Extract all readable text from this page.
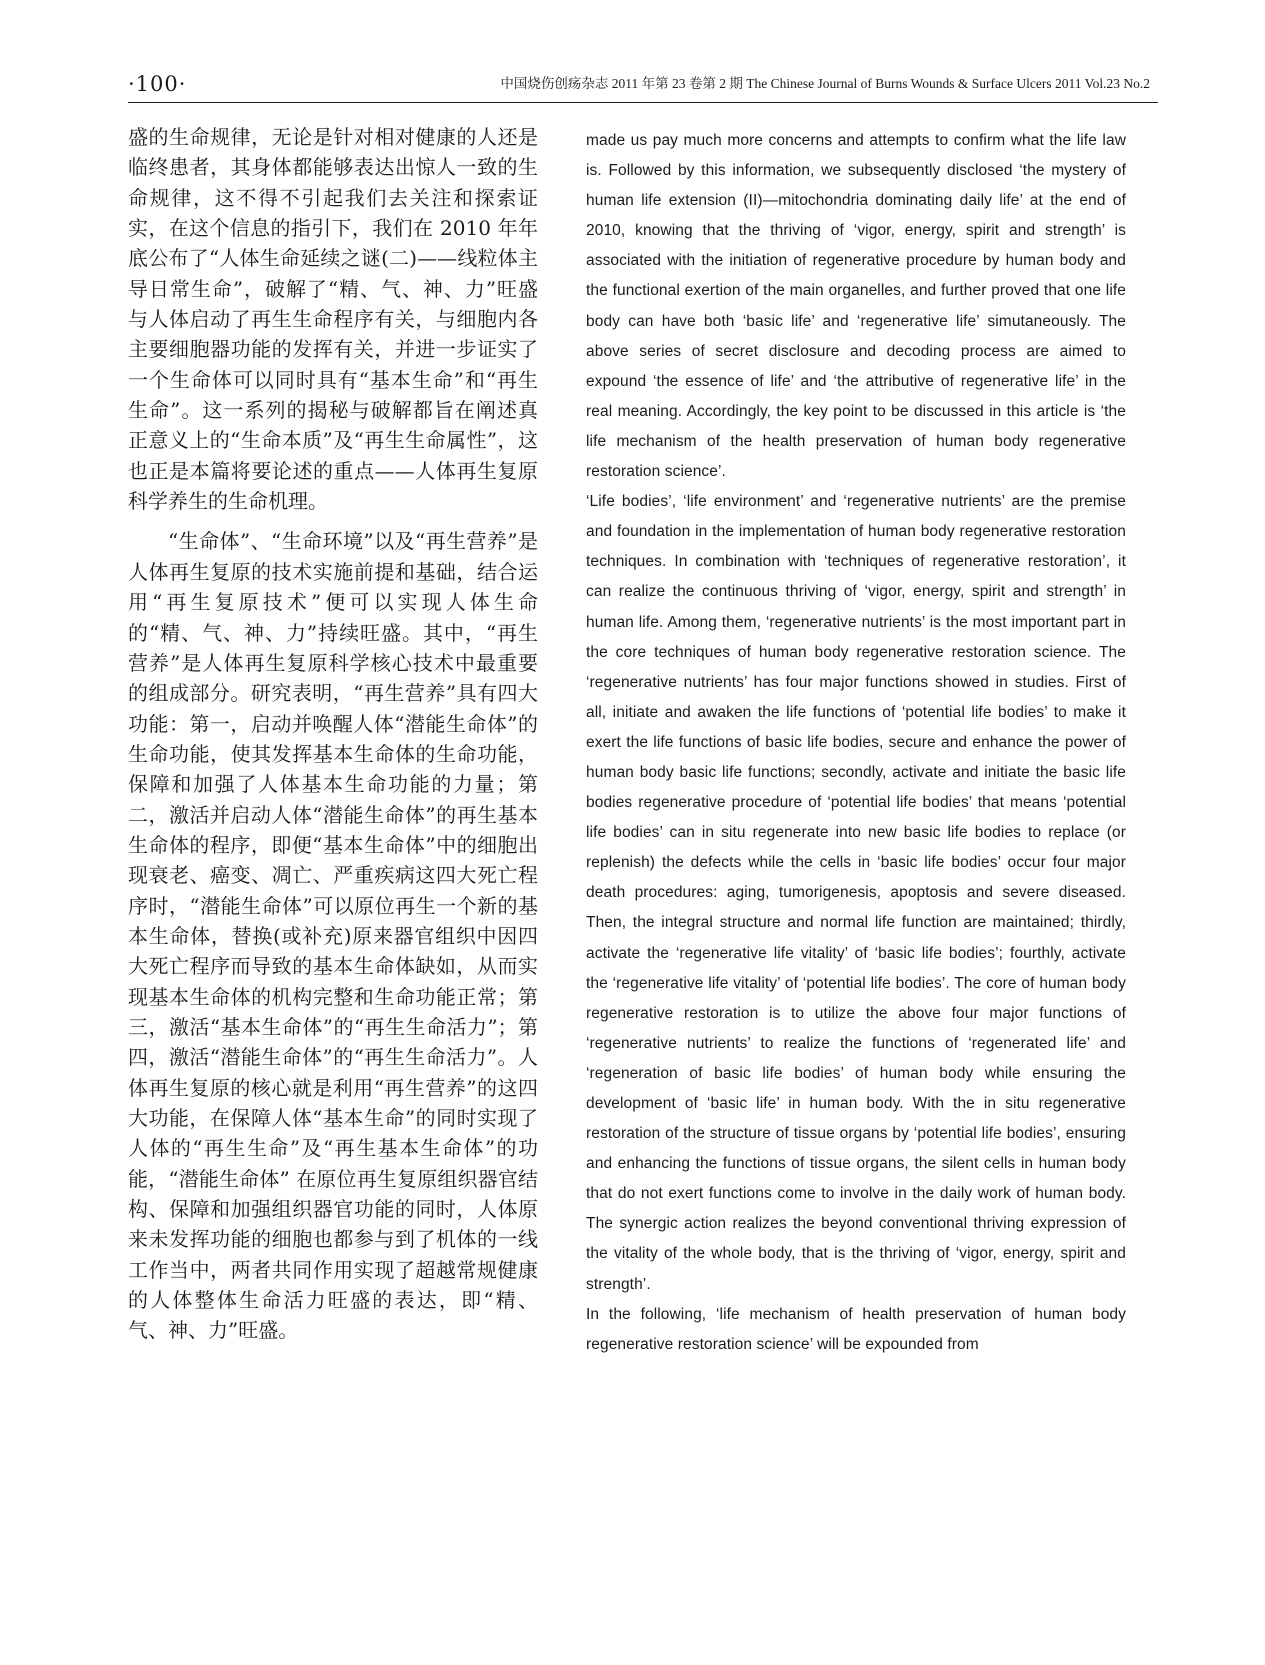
·100·	中国烧伤创疡杂志 2011 年第 23 卷第 2 期 The Chinese Journal of Burns Wounds & Surface Ulcers 2011 Vol.23 No.2

盛的生命规律，无论是针对相对健康的人还是临终患者，其身体都能够表达出惊人一致的生命规律，这不得不引起我们去关注和探索证实，在这个信息的指引下，我们在 2010 年年底公布了“人体生命延续之谜(二)——线粒体主导日常生命”，破解了“精、气、神、力”旺盛与人体启动了再生生命程序有关，与细胞内各主要细胞器功能的发挥有关，并进一步证实了一个生命体可以同时具有“基本生命”和“再生生命”。这一系列的揭秘与破解都旨在阐述真正意义上的“生命本质”及“再生生命属性”，这也正是本篇将要论述的重点——人体再生复原科学养生的生命机理。

“生命体”、“生命环境”以及“再生营养”是人体再生复原的技术实施前提和基础，结合运用“再生复原技术”便可以实现人体生命的“精、气、神、力”持续旺盛。其中，“再生营养”是人体再生复原科学核心技术中最重要的组成部分。研究表明，“再生营养”具有四大功能：第一，启动并唤醒人体“潜能生命体”的生命功能，使其发挥基本生命体的生命功能，保障和加强了人体基本生命功能的力量；第二，激活并启动人体“潜能生命体”的再生基本生命体的程序，即便“基本生命体”中的细胞出现衰老、癌变、凋亡、严重疾病这四大死亡程序时，“潜能生命体”可以原位再生一个新的基本生命体，替换(或补充)原来器官组织中因四大死亡程序而导致的基本生命体缺如，从而实现基本生命体的机构完整和生命功能正常；第三，激活“基本生命体”的“再生生命活力”；第四，激活“潜能生命体”的“再生生命活力”。人体再生复原的核心就是利用“再生营养”的这四大功能，在保障人体“基本生命”的同时实现了人体的“再生生命”及“再生基本生命体”的功能，“潜能生命体” 在原位再生复原组织器官结构、保障和加强组织器官功能的同时，人体原来未发挥功能的细胞也都参与到了机体的一线工作当中，两者共同作用实现了超越常规健康的人体整体生命活力旺盛的表达，即“精、气、神、力”旺盛。

made us pay much more concerns and attempts to confirm what the life law is. Followed by this information, we subsequently disclosed ‘the mystery of human life extension (II)—mitochondria dominating daily life’ at the end of 2010, knowing that the thriving of ‘vigor, energy, spirit and strength’ is associated with the initiation of regenerative procedure by human body and the functional exertion of the main organelles, and further proved that one life body can have both ‘basic life’ and ‘regenerative life’ simutaneously. The above series of secret disclosure and decoding process are aimed to expound ‘the essence of life’ and ‘the attributive of regenerative life’ in the real meaning. Accordingly, the key point to be discussed in this article is ‘the life mechanism of the health preservation of human body regenerative restoration science’.

‘Life bodies’, ‘life environment’ and ‘regenerative nutrients’ are the premise and foundation in the implementation of human body regenerative restoration techniques. In combination with ‘techniques of regenerative restoration’, it can realize the continuous thriving of ‘vigor, energy, spirit and strength’ in human life. Among them, ‘regenerative nutrients’ is the most important part in the core techniques of human body regenerative restoration science. The ‘regenerative nutrients’ has four major functions showed in studies. First of all, initiate and awaken the life functions of ‘potential life bodies’ to make it exert the life functions of basic life bodies, secure and enhance the power of human body basic life functions; secondly, activate and initiate the basic life bodies regenerative procedure of ‘potential life bodies’ that means ‘potential life bodies’ can in situ regenerate into new basic life bodies to replace (or replenish) the defects while the cells in ‘basic life bodies’ occur four major death procedures: aging, tumorigenesis, apoptosis and severe diseased. Then, the integral structure and normal life function are maintained; thirdly, activate the ‘regenerative life vitality’ of ‘basic life bodies’; fourthly, activate the ‘regenerative life vitality’ of ‘potential life bodies’. The core of human body regenerative restoration is to utilize the above four major functions of ‘regenerative nutrients’ to realize the functions of ‘regenerated life’ and ‘regeneration of basic life bodies’ of human body while ensuring the development of ‘basic life’ in human body. With the in situ regenerative restoration of the structure of tissue organs by ‘potential life bodies’, ensuring and enhancing the functions of tissue organs, the silent cells in human body that do not exert functions come to involve in the daily work of human body. The synergic action realizes the beyond conventional thriving expression of the vitality of the whole body, that is the thriving of ‘vigor, energy, spirit and strength’.

In the following, ‘life mechanism of health preservation of human body regenerative restoration science’ will be expounded from
